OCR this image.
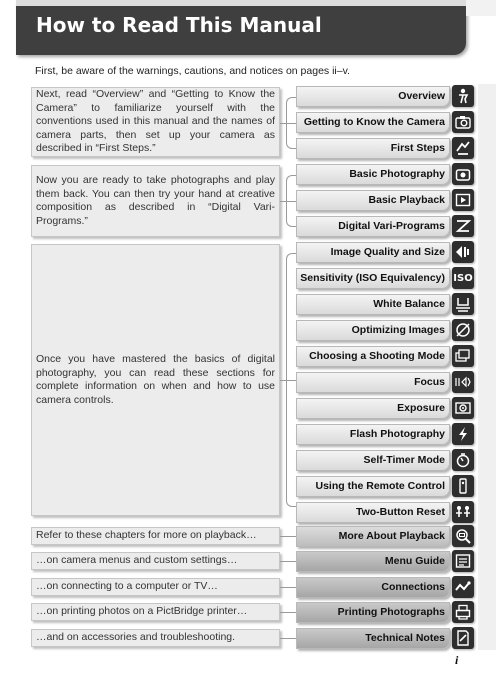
How to Read This Manual
First, be aware of the warnings, cautions, and notices on pages ii–v.
Next, read “Overview” and “Getting to Know the Camera” to familiarize yourself with the conventions used in this manual and the names of camera parts, then set up your camera as described in “First Steps.”
Now you are ready to take photographs and play them back. You can then try your hand at creative composition as described in “Digital Vari-Programs.”
Once you have mastered the basics of digital photography, you can read these sections for complete information on when and how to use camera controls.
Refer to these chapters for more on playback…
…on camera menus and custom settings…
…on connecting to a computer or TV…
…on printing photos on a PictBridge printer…
…and on accessories and troubleshooting.
Overview
Getting to Know the Camera
First Steps
Basic Photography
Basic Playback
Digital Vari-Programs
Image Quality and Size
Sensitivity (ISO Equivalency)
White Balance
Optimizing Images
Choosing a Shooting Mode
Focus
Exposure
Flash Photography
Self-Timer Mode
Using the Remote Control
Two-Button Reset
More About Playback
Menu Guide
Connections
Printing Photographs
Technical Notes
ISO
i
